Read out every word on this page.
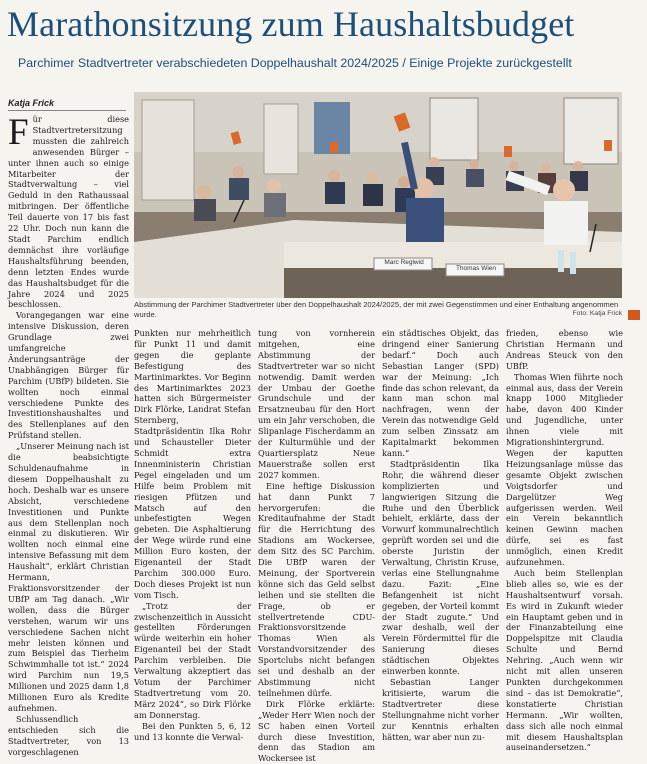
Marathonsitzung zum Haushaltsbudget
Parchimer Stadtvertreter verabschiedeten Doppelhaushalt 2024/2025 / Einige Projekte zurückgestellt
Katja Frick

Für diese Stadtvertretersitzung mussten die zahlreich anwesenden Bürger – unter ihnen auch so einige Mitarbeiter der Stadtverwaltung – viel Geduld in den Rathaussaal mitbringen. Der öffentliche Teil dauerte von 17 bis fast 22 Uhr. Doch nun kann die Stadt Parchim endlich demnächst ihre vorläufige Haushaltsführung beenden, denn letzten Endes wurde das Haushaltsbudget für die Jahre 2024 und 2025 beschlossen.

Vorangegangen war eine intensive Diskussion, deren Grundlage zwei umfangreiche Änderungsanträge der Unabhängigen Bürger für Parchim (UBfP) bildeten. Sie wollten noch einmal verschiedene Punkte des Investitionshaushaltes und des Stellenplanes auf den Prüfstand stellen.

„Unserer Meinung nach ist die beabsichtigte Schuldenaufnahme in diesem Doppelhaushalt zu hoch. Deshalb war es unsere Absicht, verschiedene Investitionen und Punkte aus dem Stellenplan noch einmal zu diskutieren. Wir wollten noch einmal eine intensive Befassung mit dem Haushalt“, erklärt Christian Hermann, Fraktionsvorsitzender der UBfP am Tag danach. „Wir wollen, dass die Bürger verstehen, warum wir uns verschiedene Sachen nicht mehr leisten können und zum Beispiel das Tierheim Schwimmhalle tot ist.“ 2024 wird Parchim nun 19,5 Millionen und 2025 dann 1,8 Millionen Euro als Kredite aufnehmen.

Schlussendlich entschieden sich die Stadtvertreter, von 13 vorgeschlagenen

Marc Reglwid
Thomas Wien
Abstimmung der Parchimer Stadtvertreter über den Doppelhaushalt 2024/2025, der mit zwei Gegenstimmen und einer Enthaltung angenommen wurde.	Foto: Katja Frick

Punkten nur mehrheitlich für Punkt 11 und damit gegen die geplante Befestigung des Martinimarktes. Vor Beginn des Martinimarktes 2023 hatten sich Bürgermeister Dirk Flörke, Landrat Stefan Sternberg, Stadtpräsidentin Ilka Rohr und Schausteller Dieter Schmidt extra Innenministerin Christian Pegel eingeladen und um Hilfe beim Problem mit riesigen Pfützen und Matsch auf den unbefestigten Wegen gebeten. Die Asphaltierung der Wege würde rund eine Million Euro kosten, der Eigenanteil der Stadt Parchim 300.000 Euro. Doch dieses Projekt ist nun vom Tisch.

„Trotz der zwischenzeitlich in Aussicht gestellten Förderungen würde weiterhin ein hoher Eigenanteil bei der Stadt Parchim verbleiben. Die Verwaltung akzeptiert das Votum der Parchimer Stadtvertretung vom 20. März 2024“, so Dirk Flörke am Donnerstag.

Bei den Punkten 5, 6, 12 und 13 konnte die Verwal-

tung von vornherein mitgehen, eine Abstimmung der Stadtvertreter war so nicht notwendig. Damit werden der Umbau der Goethe Grundschule und der Ersatzneubau für den Hort um ein Jahr verschoben, die Slipanlage Fischerdamm an der Kulturmühle und der Quartiersplatz Neue Mauerstraße sollen erst 2027 kommen.

Eine heftige Diskussion hat dann Punkt 7 hervorgerufen: die Kreditaufnahme der Stadt für die Herrichtung des Stadions am Wockersee, dem Sitz des SC Parchim. Die UBfP waren der Meinung, der Sportverein könne sich das Geld selbst leihen und sie stellten die Frage, ob er stellvertretende CDU-Fraktionsvorsitzende Thomas Wien als Vorstandvorsitzender des Sportclubs nicht befangen sei und deshalb an der Abstimmung nicht teilnehmen dürfe.

Dirk Flörke erklärte: „Weder Herr Wien noch der SC haben einen Vorteil durch diese Investition, denn das Stadion am Wockersee ist

ein städtisches Objekt, das dringend einer Sanierung bedarf.“ Doch auch Sebastian Langer (SPD) war der Meinung: „Ich finde das schon relevant, da kann man schon mal nachfragen, wenn der Verein das notwendige Geld zum selben Zinssatz am Kapitalmarkt bekommen kann.“

Stadtpräsidentin Ilka Rohr, die während dieser komplizierten und langwierigen Sitzung die Ruhe und den Überblick behielt, erklärte, dass der Vorwurf kommunalrechtlich geprüft worden sei und die oberste Juristin der Verwaltung, Christin Kruse, verlas eine Stellungnahme dazu. Fazit: „Eine Befangenheit ist nicht gegeben, der Vorteil kommt der Stadt zugute.“ Und zwar deshalb, weil der Verein Fördermittel für die Sanierung dieses städtischen Objektes einwerben konnte.

Sebastian Langer kritisierte, warum die Stadtvertreter diese Stellungnahme nicht vorher zur Kenntnis erhalten hätten, war aber nun zu-

frieden, ebenso wie Christian Hermann und Andreas Steuck von den UBfP.

Thomas Wien führte noch einmal aus, dass der Verein knapp 1000 Mitglieder habe, davon 400 Kinder und Jugendliche, unter ihnen viele mit Migrationshintergrund. Wegen der kaputten Heizungsanlage müsse das gesamte Objekt zwischen Voigtsdorfer und Dargelützer Weg aufgerissen werden. Weil ein Verein bekanntlich keinen Gewinn machen dürfe, sei es fast unmöglich, einen Kredit aufzunehmen.

Auch beim Stellenplan blieb alles so, wie es der Haushaltsentwurf vorsah. Es wird in Zukunft wieder ein Hauptamt geben und in der Finanzabteilung eine Doppelspitze mit Claudia Schulte und Bernd Nehring. „Auch wenn wir nicht mit allen unseren Punkten durchgekommen sind – das ist Demokratie“, konstatierte Christian Hermann. „Wir wollten, dass sich alle noch einmal mit diesem Haushaltsplan auseinandersetzen.“
